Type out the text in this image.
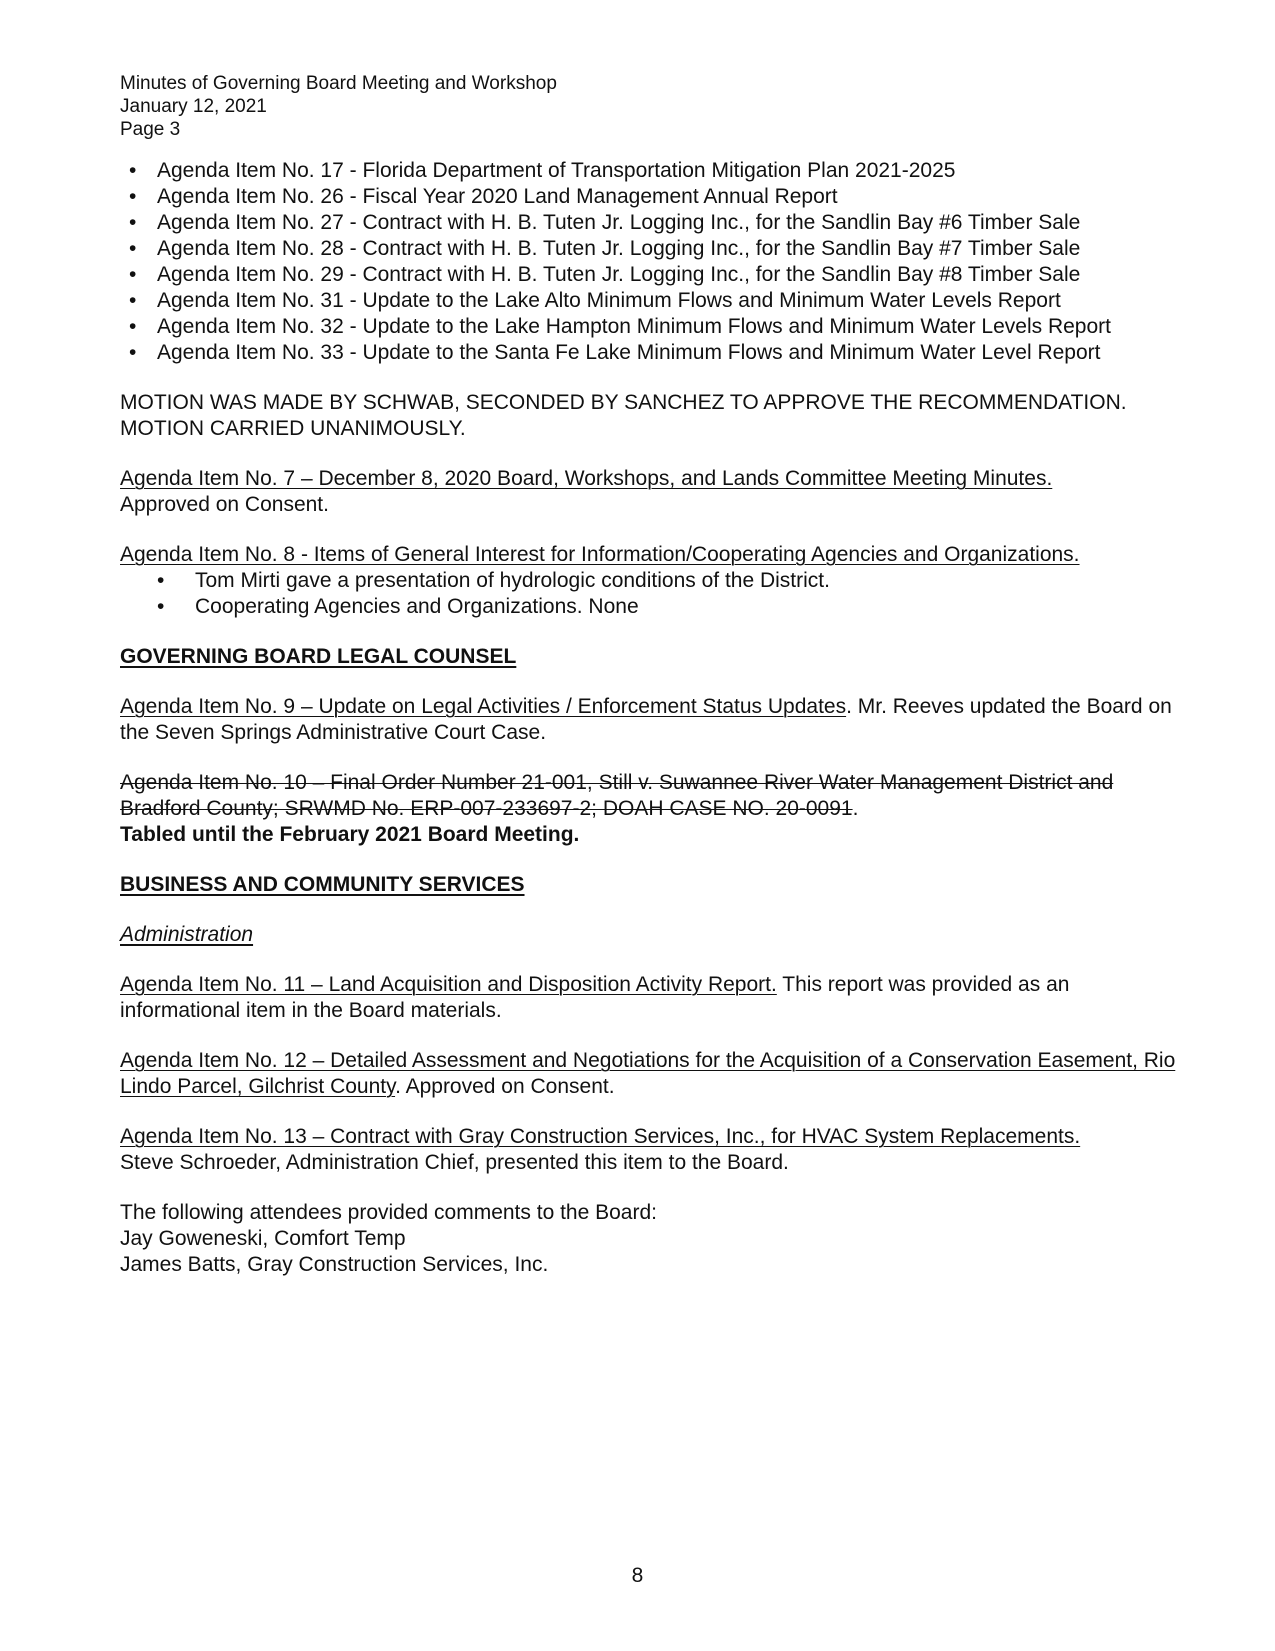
Minutes of Governing Board Meeting and Workshop
January 12, 2021
Page 3
• Agenda Item No. 17 - Florida Department of Transportation Mitigation Plan 2021-2025
• Agenda Item No. 26 - Fiscal Year 2020 Land Management Annual Report
• Agenda Item No. 27 - Contract with H. B. Tuten Jr. Logging Inc., for the Sandlin Bay #6 Timber Sale
• Agenda Item No. 28 - Contract with H. B. Tuten Jr. Logging Inc., for the Sandlin Bay #7 Timber Sale
• Agenda Item No. 29 - Contract with H. B. Tuten Jr. Logging Inc., for the Sandlin Bay #8 Timber Sale
• Agenda Item No. 31 - Update to the Lake Alto Minimum Flows and Minimum Water Levels Report
• Agenda Item No. 32 - Update to the Lake Hampton Minimum Flows and Minimum Water Levels Report
• Agenda Item No. 33 - Update to the Santa Fe Lake Minimum Flows and Minimum Water Level Report

MOTION WAS MADE BY SCHWAB, SECONDED BY SANCHEZ TO APPROVE THE RECOMMENDATION. MOTION CARRIED UNANIMOUSLY.

Agenda Item No. 7 – December 8, 2020 Board, Workshops, and Lands Committee Meeting Minutes.
Approved on Consent.
Agenda Item No. 8 - Items of General Interest for Information/Cooperating Agencies and Organizations.
• Tom Mirti gave a presentation of hydrologic conditions of the District.
• Cooperating Agencies and Organizations. None

GOVERNING BOARD LEGAL COUNSEL

Agenda Item No. 9 – Update on Legal Activities / Enforcement Status Updates. Mr. Reeves updated the Board on the Seven Springs Administrative Court Case.
Agenda Item No. 10 – Final Order Number 21-001, Still v. Suwannee River Water Management District and Bradford County; SRWMD No. ERP-007-233697-2; DOAH CASE NO. 20-0091.
Tabled until the February 2021 Board Meeting.

BUSINESS AND COMMUNITY SERVICES

Administration

Agenda Item No. 11 – Land Acquisition and Disposition Activity Report. This report was provided as an informational item in the Board materials.
Agenda Item No. 12 – Detailed Assessment and Negotiations for the Acquisition of a Conservation Easement, Rio Lindo Parcel, Gilchrist County. Approved on Consent.
Agenda Item No. 13 – Contract with Gray Construction Services, Inc., for HVAC System Replacements.
Steve Schroeder, Administration Chief, presented this item to the Board.
The following attendees provided comments to the Board:
Jay Goweneski, Comfort Temp
James Batts, Gray Construction Services, Inc.
8
